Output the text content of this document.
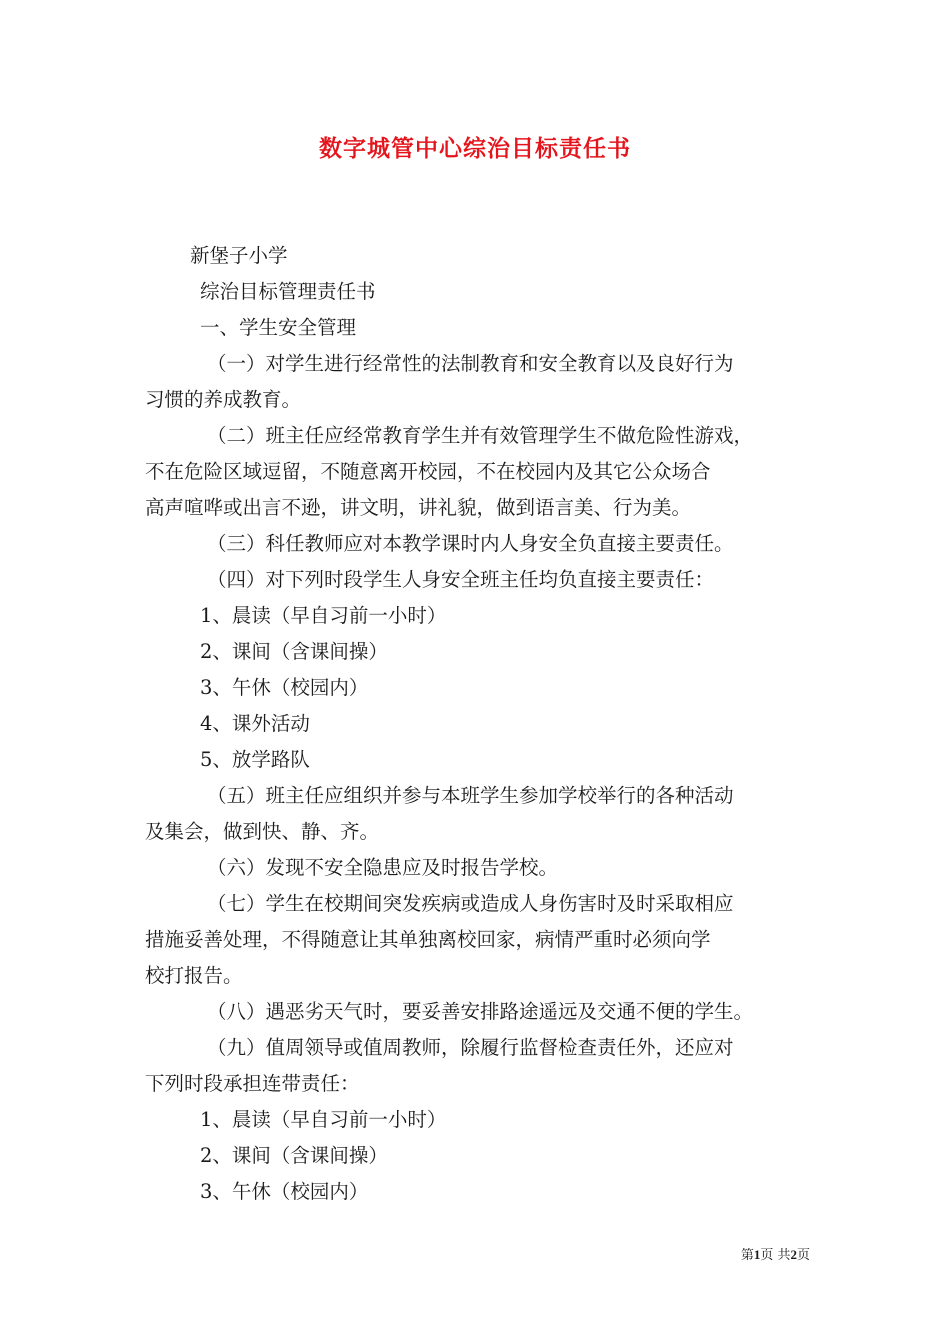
数字城管中心综治目标责任书
新堡子小学
综治目标管理责任书
一、学生安全管理
（一）对学生进行经常性的法制教育和安全教育以及良好行为
习惯的养成教育。
（二）班主任应经常教育学生并有效管理学生不做危险性游戏，
不在危险区域逗留，不随意离开校园，不在校园内及其它公众场合
高声喧哗或出言不逊，讲文明，讲礼貌，做到语言美、行为美。
（三）科任教师应对本教学课时内人身安全负直接主要责任。
（四）对下列时段学生人身安全班主任均负直接主要责任：
1、晨读（早自习前一小时）
2、课间（含课间操）
3、午休（校园内）
4、课外活动
5、放学路队
（五）班主任应组织并参与本班学生参加学校举行的各种活动
及集会，做到快、静、齐。
（六）发现不安全隐患应及时报告学校。
（七）学生在校期间突发疾病或造成人身伤害时及时采取相应
措施妥善处理，不得随意让其单独离校回家，病情严重时必须向学
校打报告。
（八）遇恶劣天气时，要妥善安排路途遥远及交通不便的学生。
（九）值周领导或值周教师，除履行监督检查责任外，还应对
下列时段承担连带责任：
1、晨读（早自习前一小时）
2、课间（含课间操）
3、午休（校园内）
第1页 共2页
